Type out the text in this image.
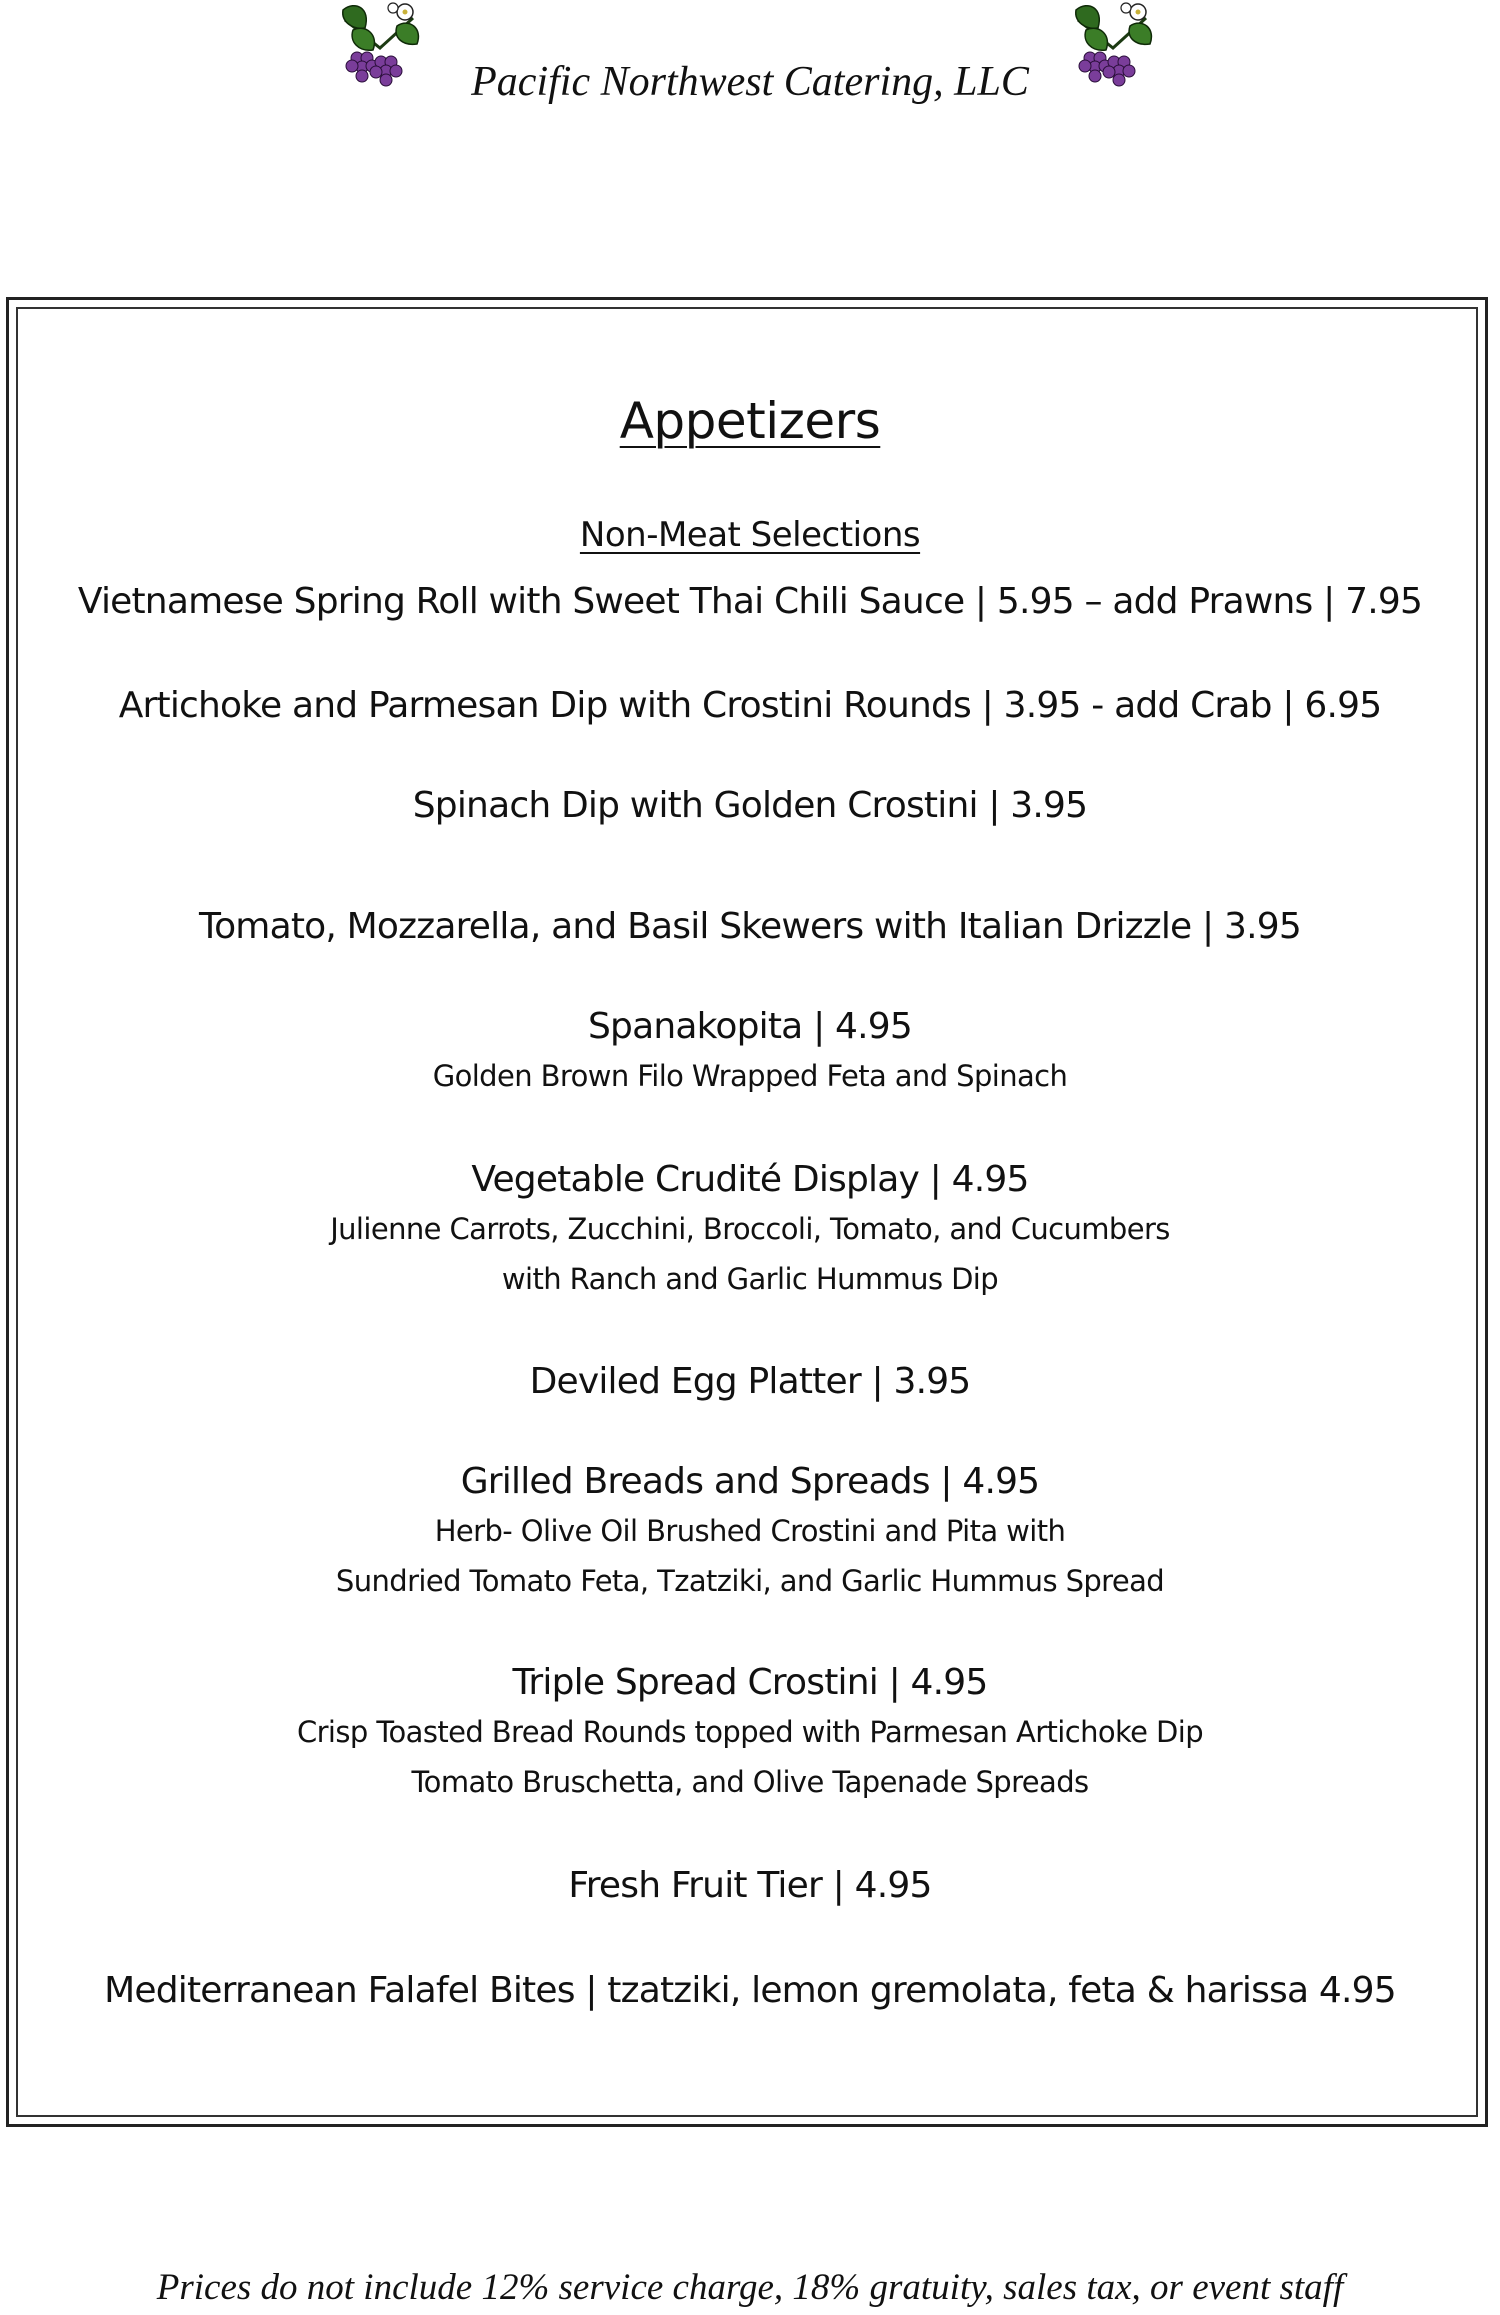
Pacific Northwest Catering, LLC
Appetizers
Non-Meat Selections
Vietnamese Spring Roll with Sweet Thai Chili Sauce | 5.95 – add Prawns | 7.95
Artichoke and Parmesan Dip with Crostini Rounds | 3.95 - add Crab | 6.95
Spinach Dip with Golden Crostini | 3.95
Tomato, Mozzarella, and Basil Skewers with Italian Drizzle | 3.95
Spanakopita | 4.95
Golden Brown Filo Wrapped Feta and Spinach
Vegetable Crudité Display | 4.95
Julienne Carrots, Zucchini, Broccoli, Tomato, and Cucumbers
with Ranch and Garlic Hummus Dip
Deviled Egg Platter | 3.95
Grilled Breads and Spreads | 4.95
Herb- Olive Oil Brushed Crostini and Pita with
Sundried Tomato Feta, Tzatziki, and Garlic Hummus Spread
Triple Spread Crostini | 4.95
Crisp Toasted Bread Rounds topped with Parmesan Artichoke Dip
Tomato Bruschetta, and Olive Tapenade Spreads
Fresh Fruit Tier | 4.95
Mediterranean Falafel Bites | tzatziki, lemon gremolata, feta & harissa 4.95
Prices do not include 12% service charge, 18% gratuity, sales tax, or event staff
